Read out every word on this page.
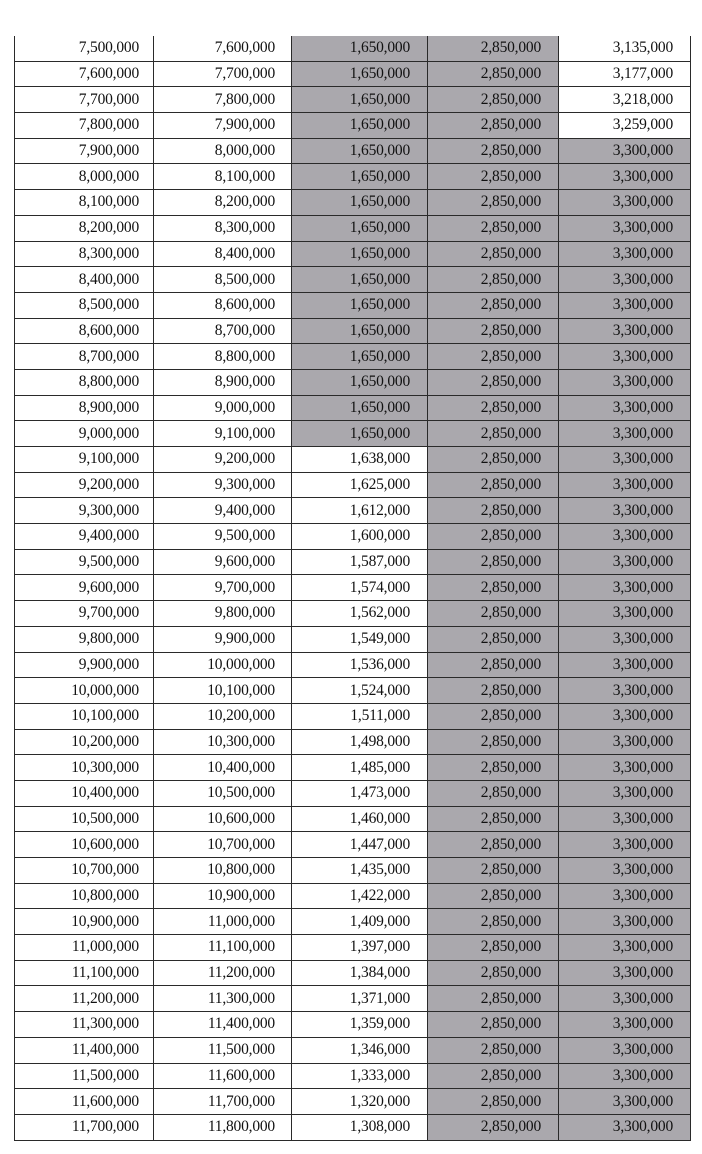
7,500,000	7,600,000	1,650,000	2,850,000	3,135,000
7,600,000	7,700,000	1,650,000	2,850,000	3,177,000
7,700,000	7,800,000	1,650,000	2,850,000	3,218,000
7,800,000	7,900,000	1,650,000	2,850,000	3,259,000
7,900,000	8,000,000	1,650,000	2,850,000	3,300,000
8,000,000	8,100,000	1,650,000	2,850,000	3,300,000
8,100,000	8,200,000	1,650,000	2,850,000	3,300,000
8,200,000	8,300,000	1,650,000	2,850,000	3,300,000
8,300,000	8,400,000	1,650,000	2,850,000	3,300,000
8,400,000	8,500,000	1,650,000	2,850,000	3,300,000
8,500,000	8,600,000	1,650,000	2,850,000	3,300,000
8,600,000	8,700,000	1,650,000	2,850,000	3,300,000
8,700,000	8,800,000	1,650,000	2,850,000	3,300,000
8,800,000	8,900,000	1,650,000	2,850,000	3,300,000
8,900,000	9,000,000	1,650,000	2,850,000	3,300,000
9,000,000	9,100,000	1,650,000	2,850,000	3,300,000
9,100,000	9,200,000	1,638,000	2,850,000	3,300,000
9,200,000	9,300,000	1,625,000	2,850,000	3,300,000
9,300,000	9,400,000	1,612,000	2,850,000	3,300,000
9,400,000	9,500,000	1,600,000	2,850,000	3,300,000
9,500,000	9,600,000	1,587,000	2,850,000	3,300,000
9,600,000	9,700,000	1,574,000	2,850,000	3,300,000
9,700,000	9,800,000	1,562,000	2,850,000	3,300,000
9,800,000	9,900,000	1,549,000	2,850,000	3,300,000
9,900,000	10,000,000	1,536,000	2,850,000	3,300,000
10,000,000	10,100,000	1,524,000	2,850,000	3,300,000
10,100,000	10,200,000	1,511,000	2,850,000	3,300,000
10,200,000	10,300,000	1,498,000	2,850,000	3,300,000
10,300,000	10,400,000	1,485,000	2,850,000	3,300,000
10,400,000	10,500,000	1,473,000	2,850,000	3,300,000
10,500,000	10,600,000	1,460,000	2,850,000	3,300,000
10,600,000	10,700,000	1,447,000	2,850,000	3,300,000
10,700,000	10,800,000	1,435,000	2,850,000	3,300,000
10,800,000	10,900,000	1,422,000	2,850,000	3,300,000
10,900,000	11,000,000	1,409,000	2,850,000	3,300,000
11,000,000	11,100,000	1,397,000	2,850,000	3,300,000
11,100,000	11,200,000	1,384,000	2,850,000	3,300,000
11,200,000	11,300,000	1,371,000	2,850,000	3,300,000
11,300,000	11,400,000	1,359,000	2,850,000	3,300,000
11,400,000	11,500,000	1,346,000	2,850,000	3,300,000
11,500,000	11,600,000	1,333,000	2,850,000	3,300,000
11,600,000	11,700,000	1,320,000	2,850,000	3,300,000
11,700,000	11,800,000	1,308,000	2,850,000	3,300,000
